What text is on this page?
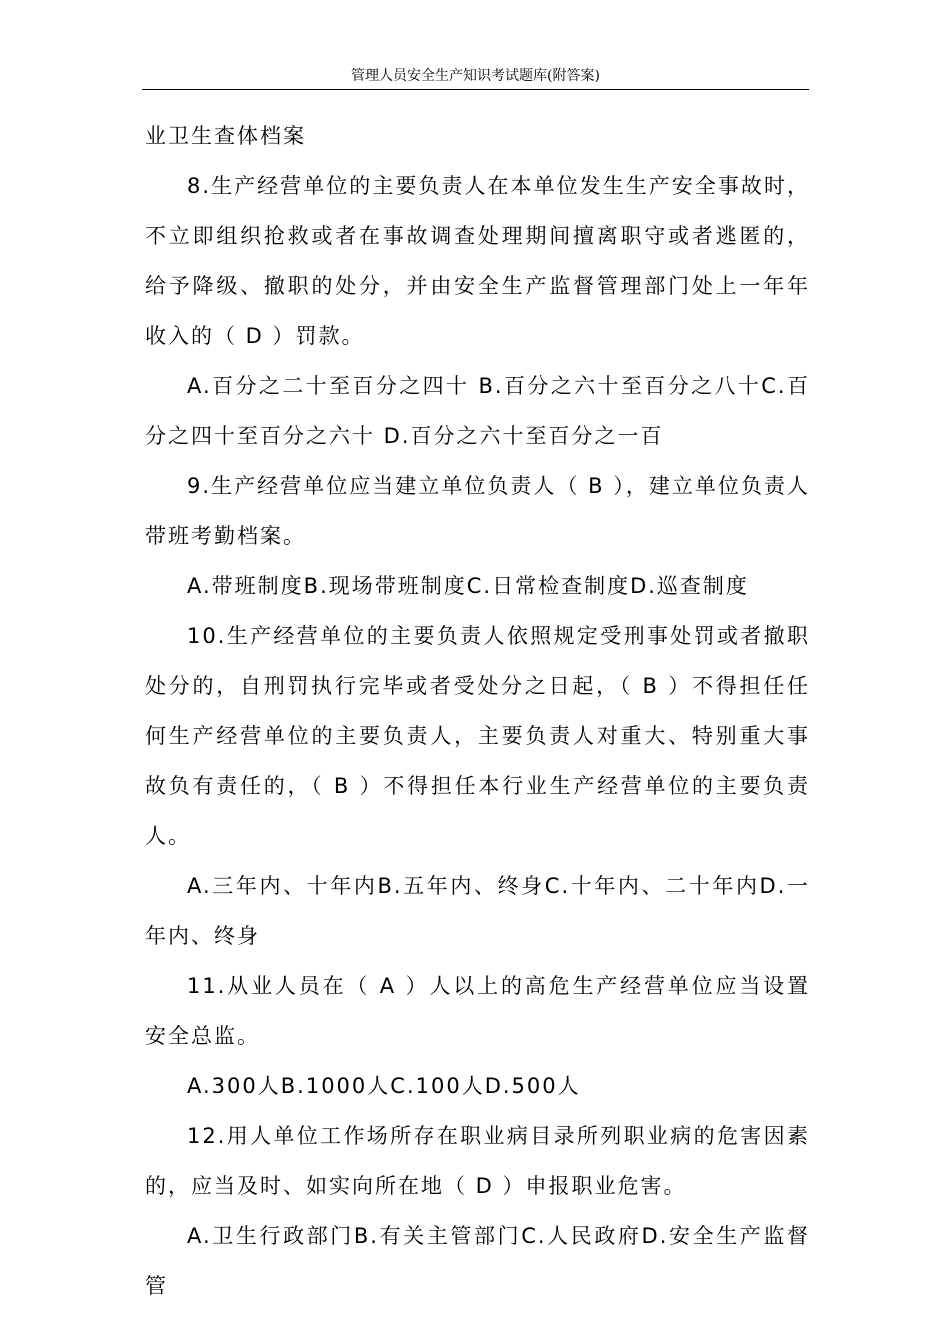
管理人员安全生产知识考试题库(附答案)

业卫生查体档案

8.生产经营单位的主要负责人在本单位发生生产安全事故时，不立即组织抢救或者在事故调查处理期间擅离职守或者逃匿的，给予降级、撤职的处分，并由安全生产监督管理部门处上一年年收入的（ D ）罚款。

A.百分之二十至百分之四十 B.百分之六十至百分之八十C.百分之四十至百分之六十 D.百分之六十至百分之一百

9.生产经营单位应当建立单位负责人（ B ），建立单位负责人带班考勤档案。

A.带班制度B.现场带班制度C.日常检查制度D.巡查制度

10.生产经营单位的主要负责人依照规定受刑事处罚或者撤职处分的，自刑罚执行完毕或者受处分之日起，（ B ）不得担任任何生产经营单位的主要负责人，主要负责人对重大、特别重大事故负有责任的，（ B ）不得担任本行业生产经营单位的主要负责人。

A.三年内、十年内B.五年内、终身C.十年内、二十年内D.一年内、终身

11.从业人员在（ A ）人以上的高危生产经营单位应当设置安全总监。

A.300人B.1000人C.100人D.500人

12.用人单位工作场所存在职业病目录所列职业病的危害因素的，应当及时、如实向所在地（ D ）申报职业危害。

A.卫生行政部门B.有关主管部门C.人民政府D.安全生产监督管
